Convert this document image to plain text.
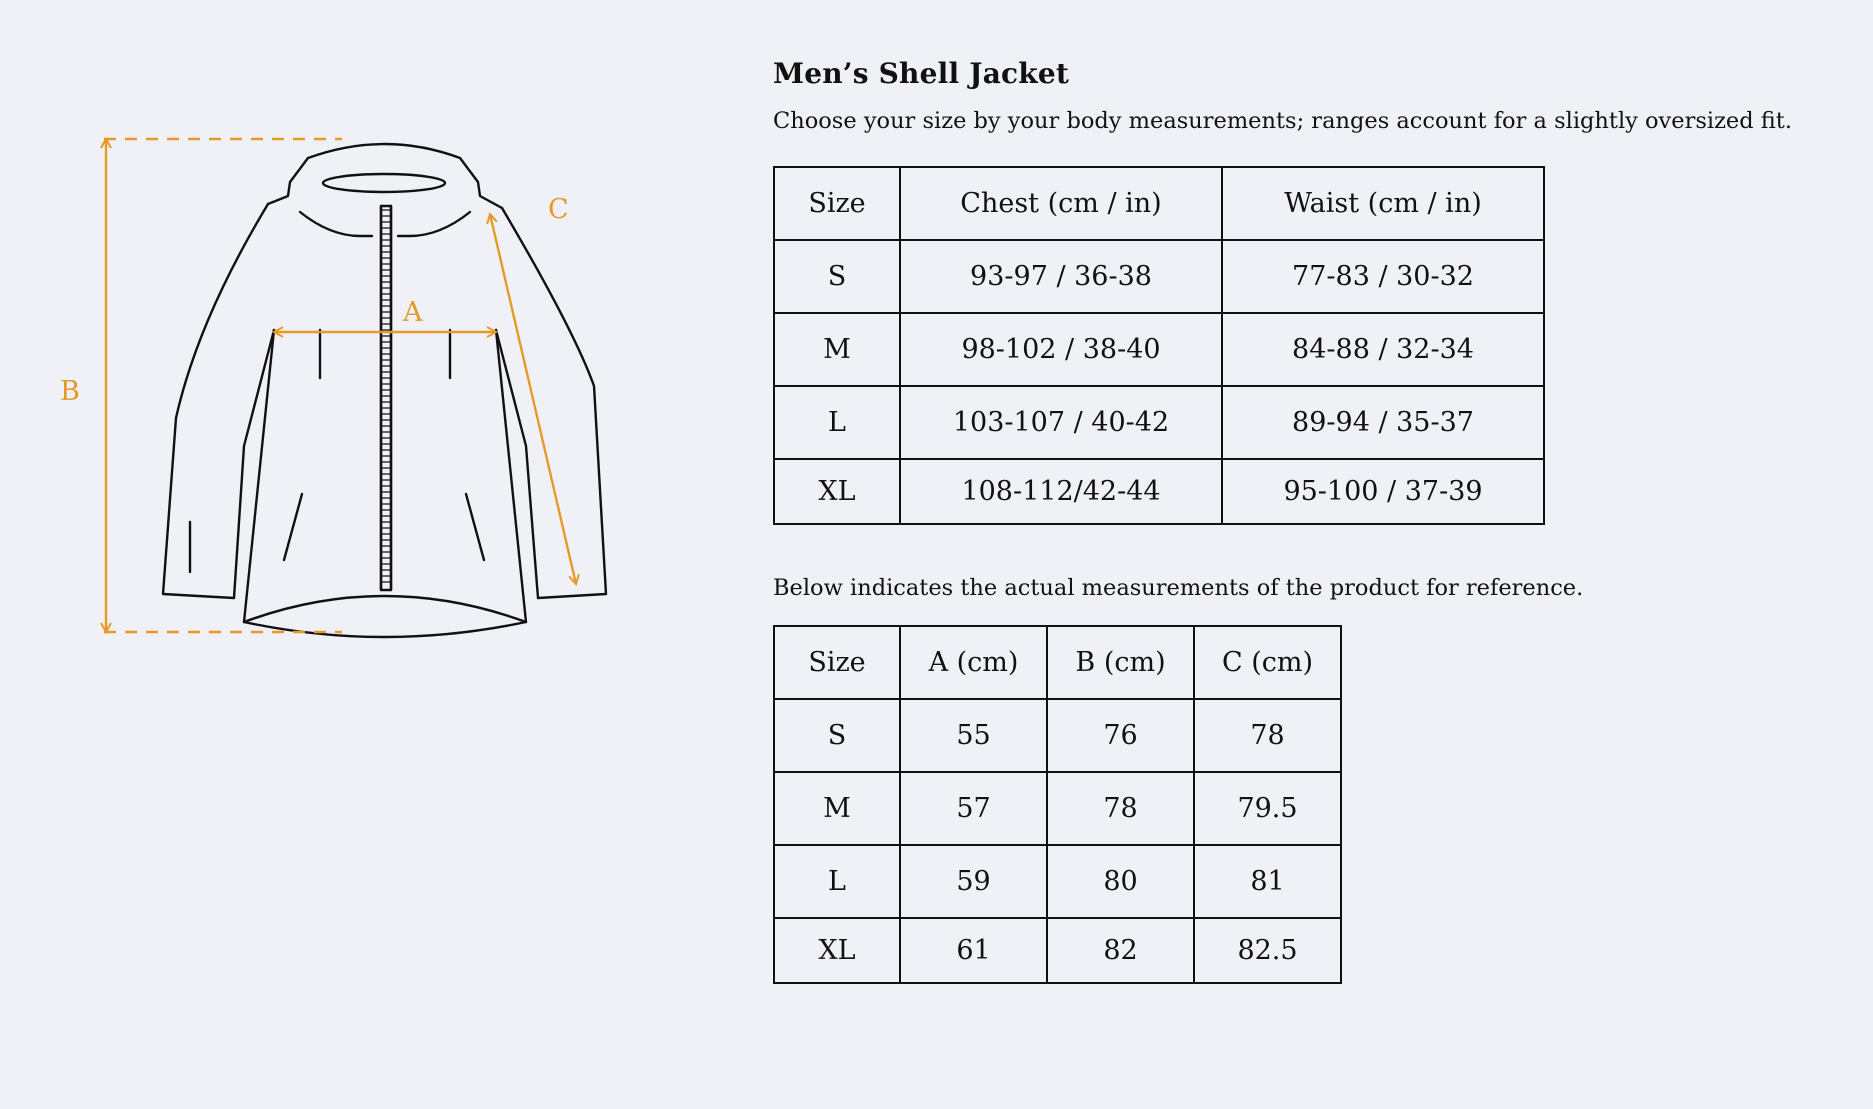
A
B
C
Men’s Shell Jacket

Choose your size by your body measurements; ranges account for a slightly oversized fit.

Size	Chest (cm / in)	Waist (cm / in)
S	93-97 / 36-38	77-83 / 30-32
M	98-102 / 38-40	84-88 / 32-34
L	103-107 / 40-42	89-94 / 35-37
XL	108-112/42-44	95-100 / 37-39

Below indicates the actual measurements of the product for reference.

Size	A (cm)	B (cm)	C (cm)
S	55	76	78
M	57	78	79.5
L	59	80	81
XL	61	82	82.5
